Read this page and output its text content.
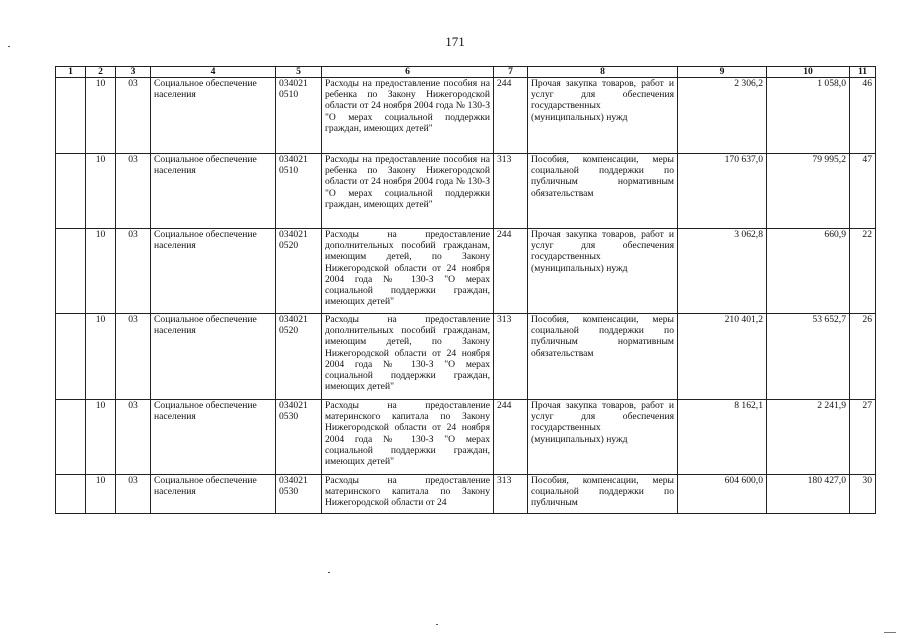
171
1	2	3	4	5	6	7	8	9	10	11
	10	03	Социальное обеспечение населения	034021 0510	Расходы на предоставление пособия на ребенка по Закону Нижегородской области от 24 ноября 2004 года № 130-З "О мерах социальной поддержки граждан, имеющих детей"	244	Прочая закупка товаров, работ и услуг для обеспечения государственных (муниципальных) нужд	2 306,2	1 058,0	46
	10	03	Социальное обеспечение населения	034021 0510	Расходы на предоставление пособия на ребенка по Закону Нижегородской области от 24 ноября 2004 года № 130-З "О мерах социальной поддержки граждан, имеющих детей"	313	Пособия, компенсации, меры социальной поддержки по публичным нормативным обязательствам	170 637,0	79 995,2	47
	10	03	Социальное обеспечение населения	034021 0520	Расходы на предоставление дополнительных пособий гражданам, имеющим детей, по Закону Нижегородской области от 24 ноября 2004 года № 130-З "О мерах социальной поддержки граждан, имеющих детей"	244	Прочая закупка товаров, работ и услуг для обеспечения государственных (муниципальных) нужд	3 062,8	660,9	22
	10	03	Социальное обеспечение населения	034021 0520	Расходы на предоставление дополнительных пособий гражданам, имеющим детей, по Закону Нижегородской области от 24 ноября 2004 года № 130-З "О мерах социальной поддержки граждан, имеющих детей"	313	Пособия, компенсации, меры социальной поддержки по публичным нормативным обязательствам	210 401,2	53 652,7	26
	10	03	Социальное обеспечение населения	034021 0530	Расходы на предоставление материнского капитала по Закону Нижегородской области от 24 ноября 2004 года № 130-З "О мерах социальной поддержки граждан, имеющих детей"	244	Прочая закупка товаров, работ и услуг для обеспечения государственных (муниципальных) нужд	8 162,1	2 241,9	27
	10	03	Социальное обеспечение населения	034021 0530	Расходы на предоставление материнского капитала по Закону Нижегородской области от 24	313	Пособия, компенсации, меры социальной поддержки по публичным	604 600,0	180 427,0	30
